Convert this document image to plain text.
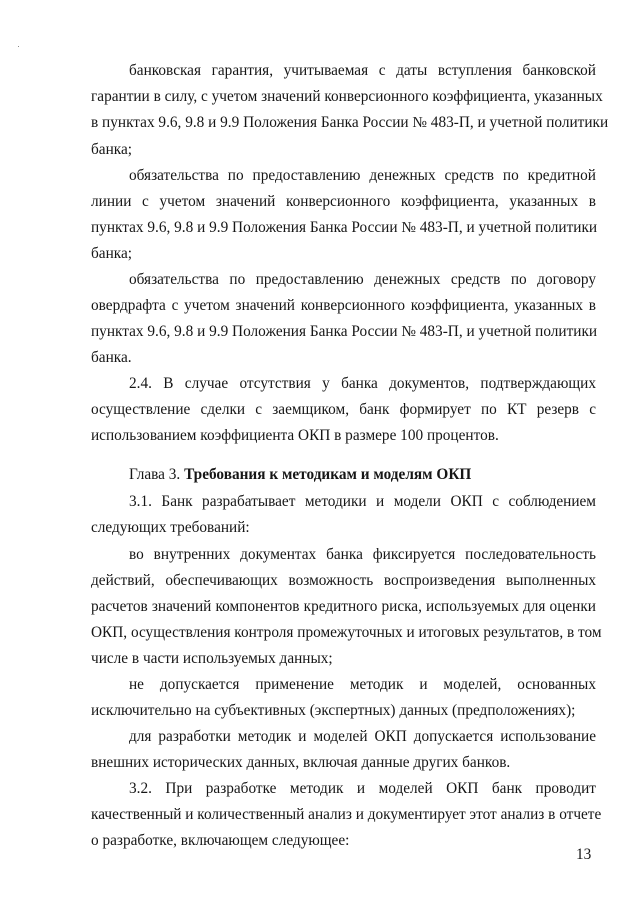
банковская гарантия, учитываемая с даты вступления банковской

гарантии в силу, с учетом значений конверсионного коэффициента, указанных

в пунктах 9.6, 9.8 и 9.9 Положения Банка России № 483-П, и учетной политики

банка;

обязательства по предоставлению денежных средств по кредитной

линии с учетом значений конверсионного коэффициента, указанных в

пунктах 9.6, 9.8 и 9.9 Положения Банка России № 483-П, и учетной политики

банка;

обязательства по предоставлению денежных средств по договору

овердрафта с учетом значений конверсионного коэффициента, указанных в

пунктах 9.6, 9.8 и 9.9 Положения Банка России № 483-П, и учетной политики

банка.

2.4. В случае отсутствия у банка документов, подтверждающих

осуществление сделки с заемщиком, банк формирует по КТ резерв с

использованием коэффициента ОКП в размере 100 процентов.

Глава 3. Требования к методикам и моделям ОКП

3.1. Банк разрабатывает методики и модели ОКП с соблюдением

следующих требований:

во внутренних документах банка фиксируется последовательность

действий, обеспечивающих возможность воспроизведения выполненных

расчетов значений компонентов кредитного риска, используемых для оценки

ОКП, осуществления контроля промежуточных и итоговых результатов, в том

числе в части используемых данных;

не допускается применение методик и моделей, основанных

исключительно на субъективных (экспертных) данных (предположениях);

для разработки методик и моделей ОКП допускается использование

внешних исторических данных, включая данные других банков.

3.2. При разработке методик и моделей ОКП банк проводит

качественный и количественный анализ и документирует этот анализ в отчете

о разработке, включающем следующее:

13
